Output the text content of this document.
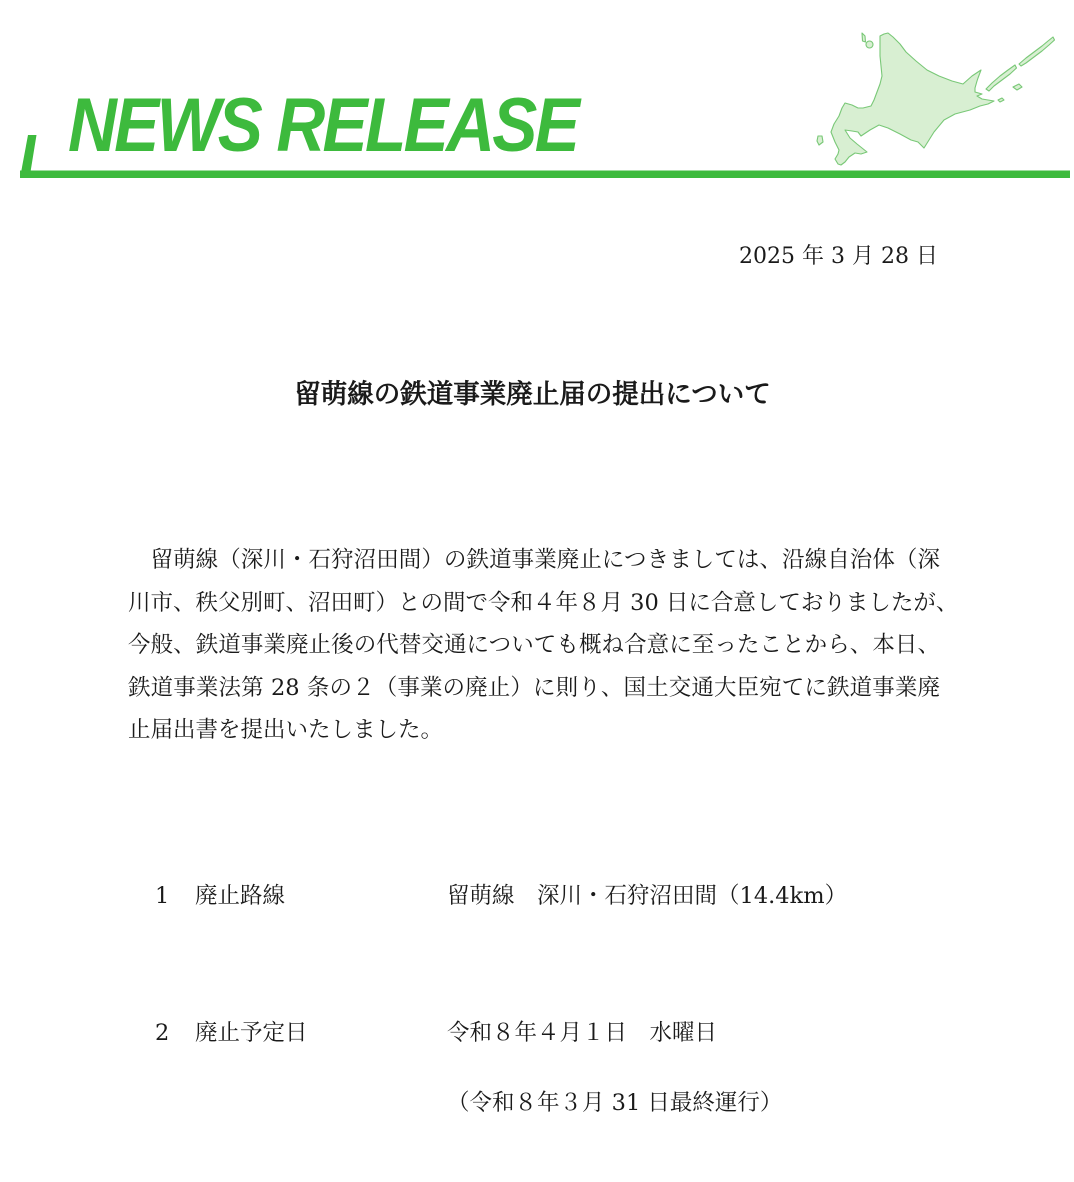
NEWS RELEASE
2025 年 3 月 28 日
留萌線の鉄道事業廃止届の提出について
留萌線（深川・石狩沼田間）の鉄道事業廃止につきましては、沿線自治体（深
川市、秩父別町、沼田町）との間で令和４年８月 30 日に合意しておりましたが、
今般、鉄道事業廃止後の代替交通についても概ね合意に至ったことから、本日、
鉄道事業法第 28 条の２（事業の廃止）に則り、国土交通大臣宛てに鉄道事業廃
止届出書を提出いたしました。
1 廃止路線	留萌線　深川・石狩沼田間（14.4km）
2 廃止予定日	令和８年４月１日　水曜日
（令和８年３月 31 日最終運行）
